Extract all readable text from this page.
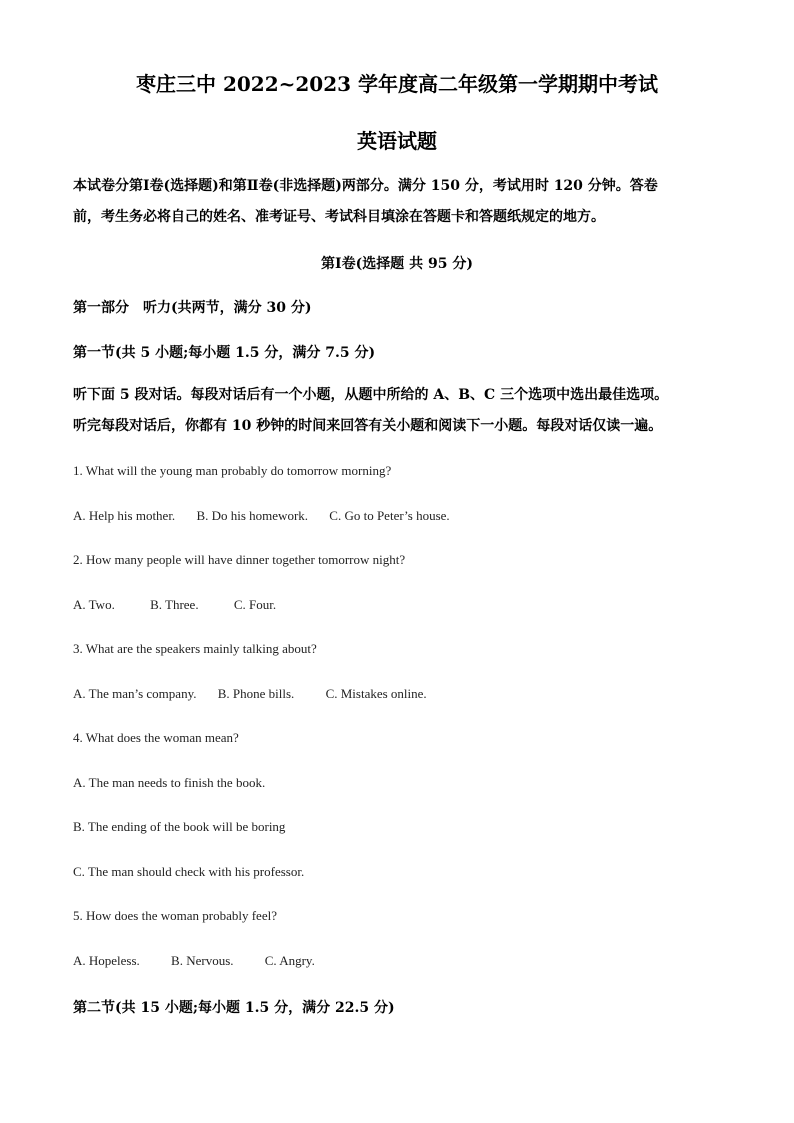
枣庄三中 2022~2023 学年度高二年级第一学期期中考试
英语试题
本试卷分第Ⅰ卷(选择题)和第Ⅱ卷(非选择题)两部分。满分 150 分，考试用时 120 分钟。答卷
前，考生务必将自己的姓名、准考证号、考试科目填涂在答题卡和答题纸规定的地方。
第Ⅰ卷(选择题 共 95 分)
第一部分　听力(共两节，满分 30 分)
第一节(共 5 小题;每小题 1.5 分，满分 7.5 分)
听下面 5 段对话。每段对话后有一个小题，从题中所给的 A、B、C 三个选项中选出最佳选项。
听完每段对话后，你都有 10 秒钟的时间来回答有关小题和阅读下一小题。每段对话仅读一遍。
1. What will the young man probably do tomorrow morning?
A. Help his mother. B. Do his homework. C. Go to Peter’s house.
2. How many people will have dinner together tomorrow night?
A. Two.	B. Three.	C. Four.
3. What are the speakers mainly talking about?
A. The man’s company. B. Phone bills. C. Mistakes online.
4. What does the woman mean?
A. The man needs to finish the book.
B. The ending of the book will be boring
C. The man should check with his professor.
5. How does the woman probably feel?
A. Hopeless. B. Nervous. C. Angry.
第二节(共 15 小题;每小题 1.5 分，满分 22.5 分)
